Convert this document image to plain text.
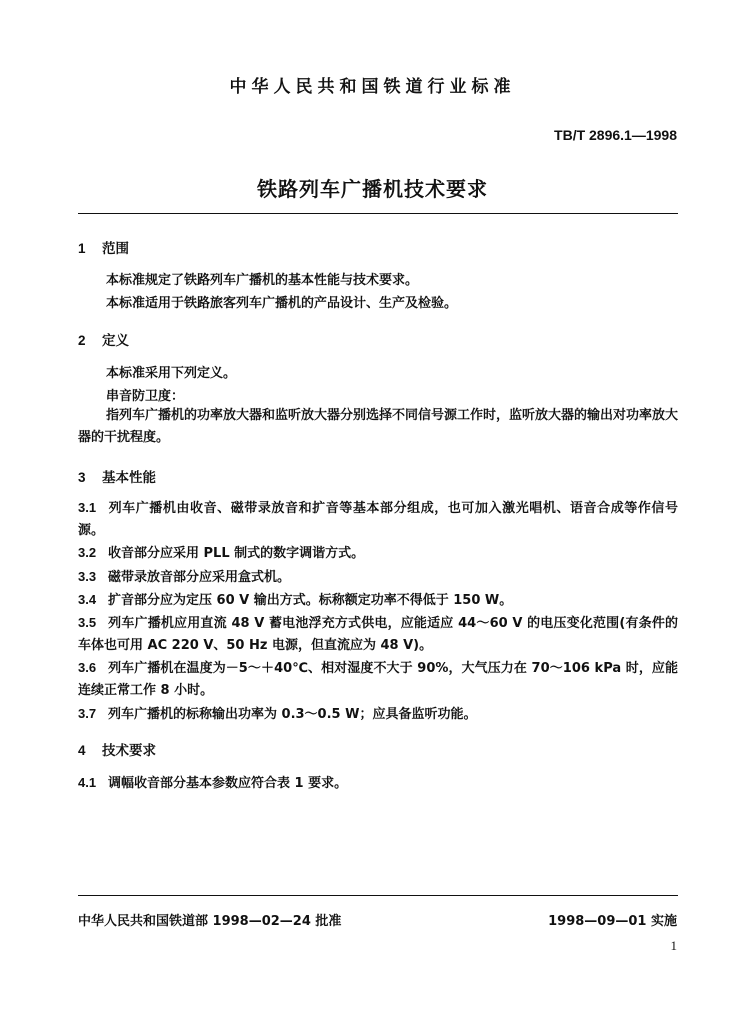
中华人民共和国铁道行业标准
TB/T 2896.1—1998
铁路列车广播机技术要求
1 范围
本标准规定了铁路列车广播机的基本性能与技术要求。
本标准适用于铁路旅客列车广播机的产品设计、生产及检验。
2 定义
本标准采用下列定义。
串音防卫度：
指列车广播机的功率放大器和监听放大器分别选择不同信号源工作时，监听放大器的输出对功率放大器的干扰程度。
3 基本性能
3.1 列车广播机由收音、磁带录放音和扩音等基本部分组成，也可加入激光唱机、语音合成等作信号源。
3.2 收音部分应采用 PLL 制式的数字调谐方式。
3.3 磁带录放音部分应采用盒式机。
3.4 扩音部分应为定压 60 V 输出方式。标称额定功率不得低于 150 W。
3.5 列车广播机应用直流 48 V 蓄电池浮充方式供电，应能适应 44～60 V 的电压变化范围(有条件的车体也可用 AC 220 V、50 Hz 电源，但直流应为 48 V)。
3.6 列车广播机在温度为－5～＋40℃、相对湿度不大于 90%，大气压力在 70～106 kPa 时，应能连续正常工作 8 小时。
3.7 列车广播机的标称输出功率为 0.3～0.5 W；应具备监听功能。
4 技术要求
4.1 调幅收音部分基本参数应符合表 1 要求。
中华人民共和国铁道部 1998—02—24 批准	1998—09—01 实施
1
